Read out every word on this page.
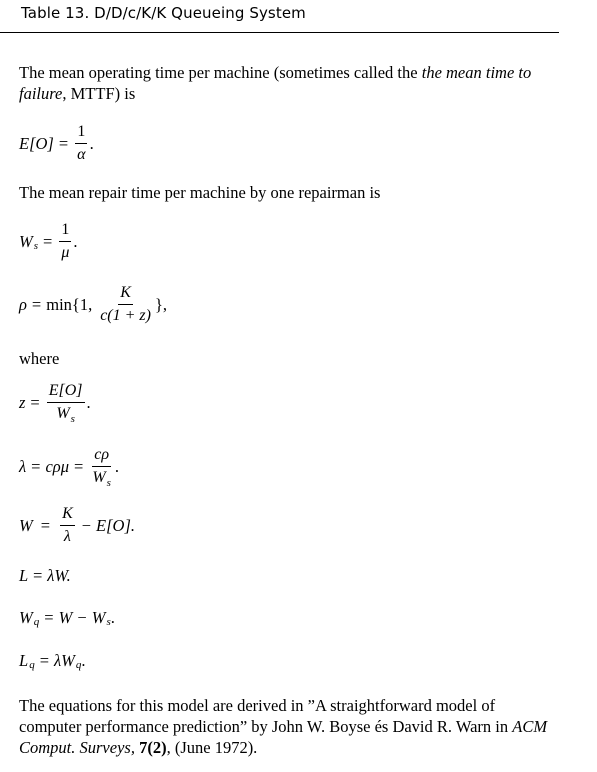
Table 13. D/D/c/K/K Queueing System
The mean operating time per machine (sometimes called the the mean time to failure, MTTF) is
$E[O] = \frac{1}{\alpha}$ .
The mean repair time per machine by one repairman is
W $s = \frac{1}{\mu}$ .
ρ = min{1, $\frac{K}{c(1 + z)}$ },
where
$z = \frac{E[O]}{W_s}$ .
$\lambda = c\rho\mu = \frac{c\rho}{W_s}$ .
$W = \frac{K}{\lambda} - E[O]$.
L = λW.
W q = W − W s .
L q = λW q .
The equations for this model are derived in ”A straightforward model of computer performance prediction” by John W. Boyse és David R. Warn in ACM Comput. Surveys, 7(2), (June 1972).
